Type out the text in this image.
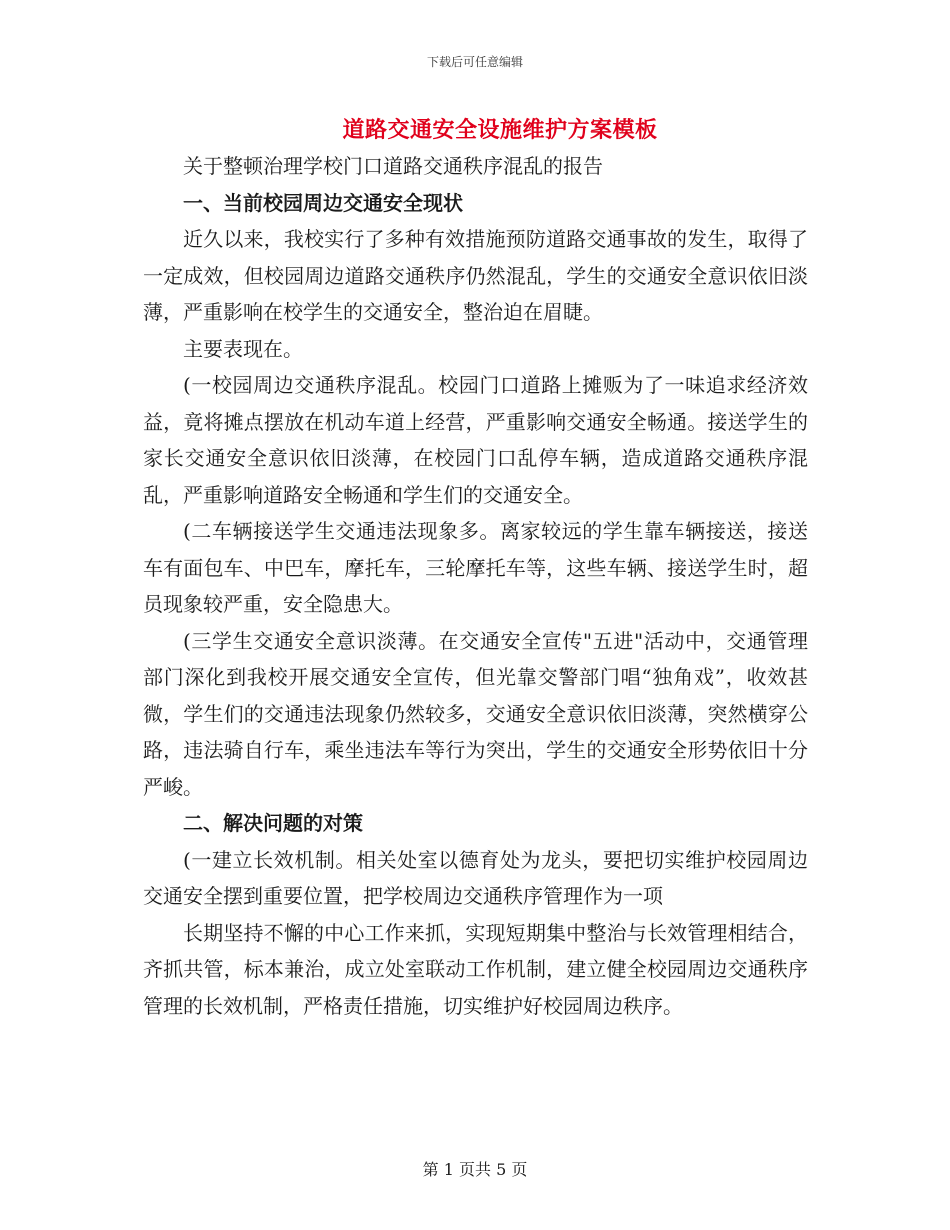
下载后可任意编辑
道路交通安全设施维护方案模板

关于整顿治理学校门口道路交通秩序混乱的报告

一、当前校园周边交通安全现状

近久以来，我校实行了多种有效措施预防道路交通事故的发生，取得了一定成效，但校园周边道路交通秩序仍然混乱，学生的交通安全意识依旧淡薄，严重影响在校学生的交通安全，整治迫在眉睫。

主要表现在。

(一校园周边交通秩序混乱。校园门口道路上摊贩为了一味追求经济效益，竟将摊点摆放在机动车道上经营，严重影响交通安全畅通。接送学生的家长交通安全意识依旧淡薄，在校园门口乱停车辆，造成道路交通秩序混乱，严重影响道路安全畅通和学生们的交通安全。

(二车辆接送学生交通违法现象多。离家较远的学生靠车辆接送，接送车有面包车、中巴车，摩托车，三轮摩托车等，这些车辆、接送学生时，超员现象较严重，安全隐患大。

(三学生交通安全意识淡薄。在交通安全宣传"五进"活动中，交通管理部门深化到我校开展交通安全宣传，但光靠交警部门唱“独角戏”，收效甚微，学生们的交通违法现象仍然较多，交通安全意识依旧淡薄，突然横穿公路，违法骑自行车，乘坐违法车等行为突出，学生的交通安全形势依旧十分严峻。

二、解决问题的对策

(一建立长效机制。相关处室以德育处为龙头，要把切实维护校园周边交通安全摆到重要位置，把学校周边交通秩序管理作为一项

长期坚持不懈的中心工作来抓，实现短期集中整治与长效管理相结合，齐抓共管，标本兼治，成立处室联动工作机制，建立健全校园周边交通秩序管理的长效机制，严格责任措施，切实维护好校园周边秩序。

第 1 页共 5 页
